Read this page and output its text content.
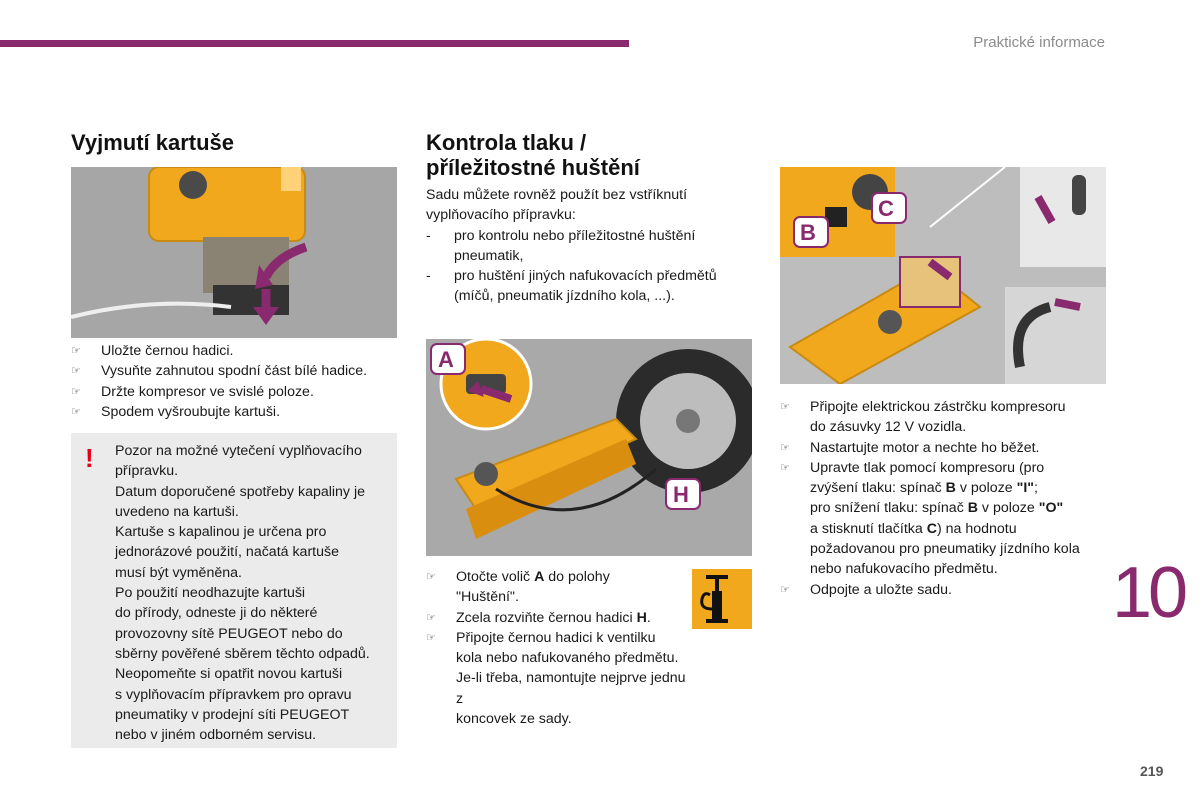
Praktické informace
Vyjmutí kartuše
☞ Uložte černou hadici.
☞ Vysuňte zahnutou spodní část bílé hadice.
☞ Držte kompresor ve svislé poloze.
☞ Spodem vyšroubujte kartuši.
! Pozor na možné vytečení vyplňovacího

přípravku.

Datum doporučené spotřeby kapaliny je

uvedeno na kartuši.

Kartuše s kapalinou je určena pro

jednorázové použití, načatá kartuše

musí být vyměněna.

Po použití neodhazujte kartuši

do přírody, odneste ji do některé

provozovny sítě PEUGEOT nebo do

sběrny pověřené sběrem těchto odpadů.

Neopomeňte si opatřit novou kartuši

s vyplňovacím přípravkem pro opravu

pneumatiky v prodejní síti PEUGEOT

nebo v jiném odborném servisu.

Kontrola tlaku /
příležitostné huštění

Sadu můžete rovněž použít bez vstříknutí

vyplňovacího přípravku:

- pro kontrolu nebo příležitostné huštění
pneumatik,
- pro huštění jiných nafukovacích předmětů
(míčů, pneumatik jízdního kola, ...).
A
H
☞ Otočte volič A do polohy
"Huštění".
☞ Zcela rozviňte černou hadici H.
☞ Připojte černou hadici k ventilku
kola nebo nafukovaného předmětu.
Je-li třeba, namontujte nejprve jednu z
koncovek ze sady.
B
C
☞ Připojte elektrickou zástrčku kompresoru
do zásuvky 12 V vozidla.
☞ Nastartujte motor a nechte ho běžet.
☞ Upravte tlak pomocí kompresoru (pro
zvýšení tlaku: spínač B v poloze "I";
pro snížení tlaku: spínač B v poloze "O"
a stisknutí tlačítka C) na hodnotu
požadovanou pro pneumatiky jízdního kola
nebo nafukovacího předmětu.
☞ Odpojte a uložte sadu.	10
219
